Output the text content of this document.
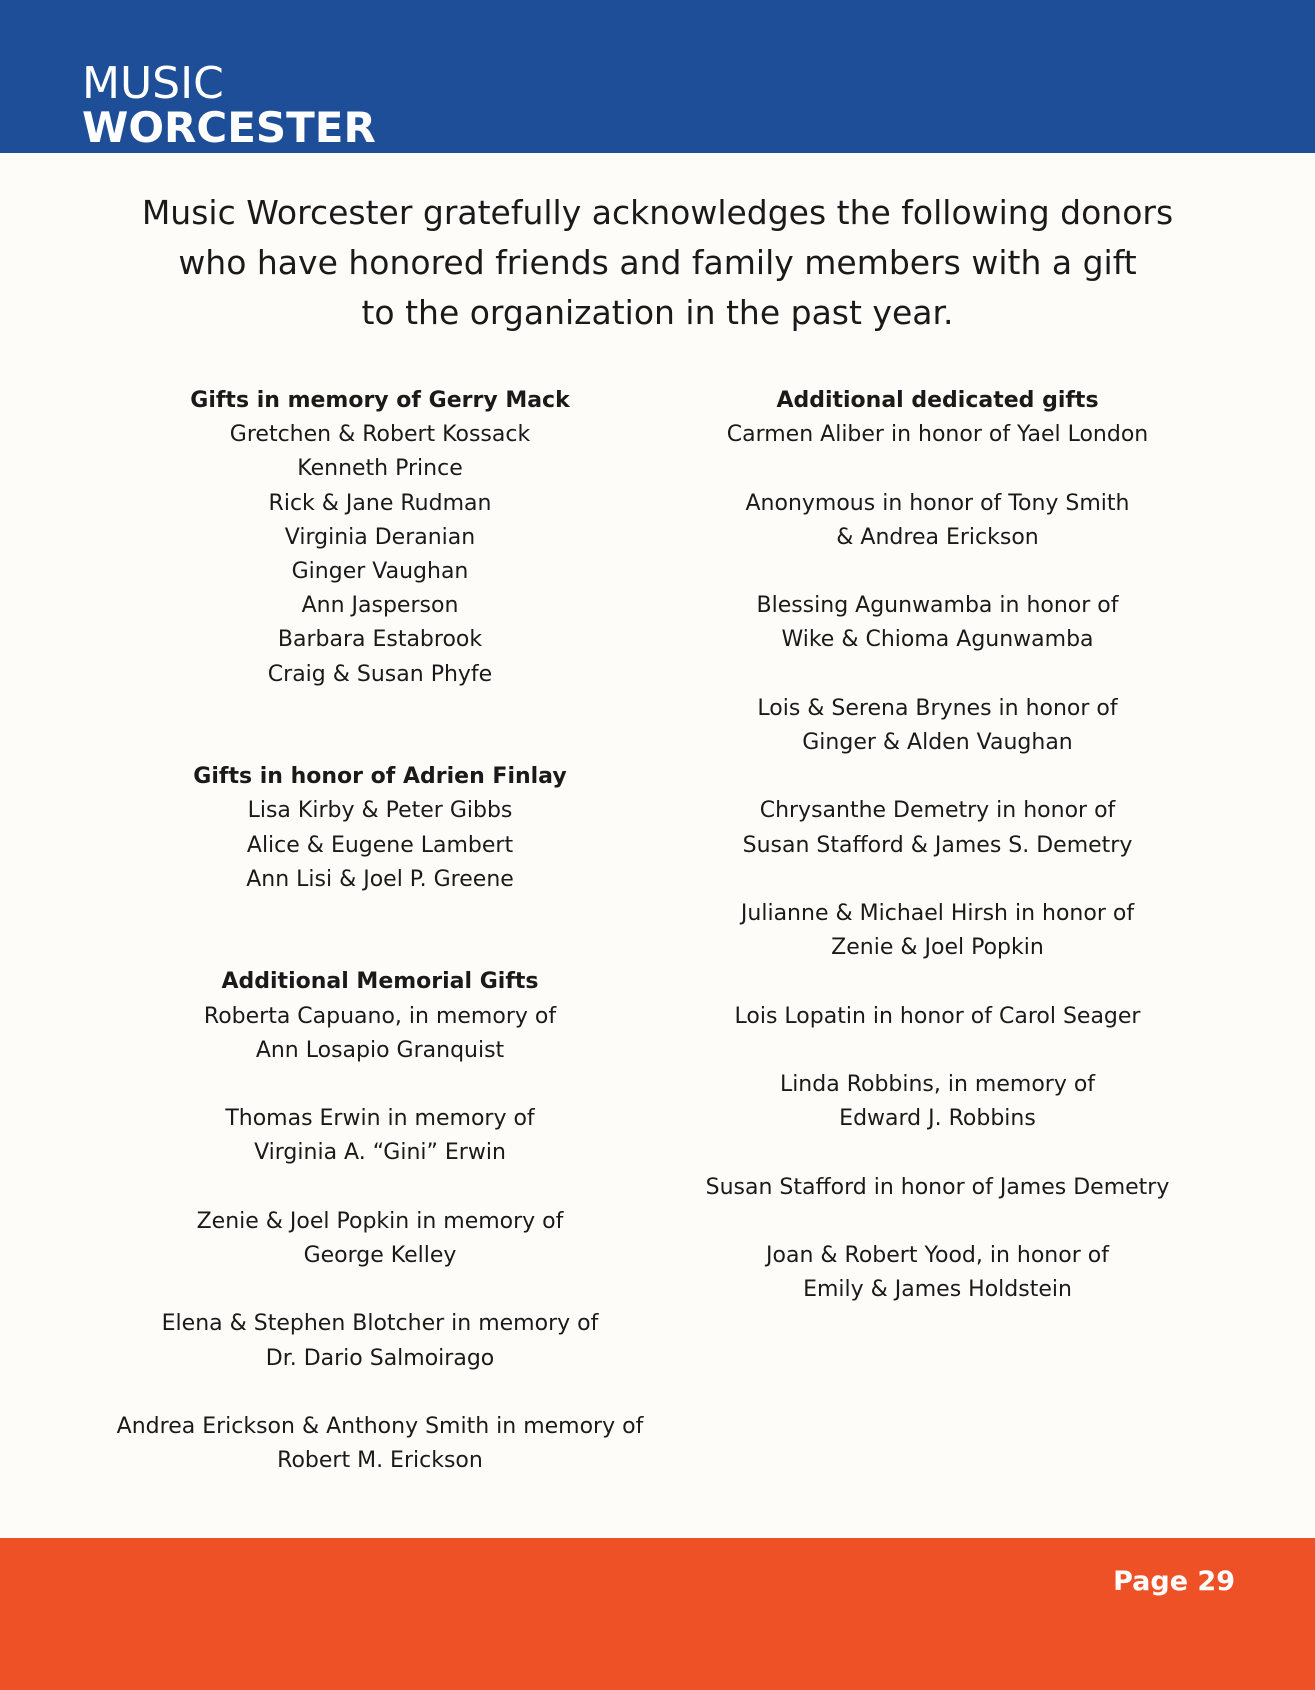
MUSIC
WORCESTER
Music Worcester gratefully acknowledges the following donors
who have honored friends and family members with a gift
to the organization in the past year.
Gifts in memory of Gerry Mack
Gretchen & Robert Kossack
Kenneth Prince
Rick & Jane Rudman
Virginia Deranian
Ginger Vaughan
Ann Jasperson
Barbara Estabrook
Craig & Susan Phyfe
Gifts in honor of Adrien Finlay
Lisa Kirby & Peter Gibbs
Alice & Eugene Lambert
Ann Lisi & Joel P. Greene
Additional Memorial Gifts
Roberta Capuano, in memory of
Ann Losapio Granquist
Thomas Erwin in memory of
Virginia A. “Gini” Erwin
Zenie & Joel Popkin in memory of
George Kelley
Elena & Stephen Blotcher in memory of
Dr. Dario Salmoirago
Andrea Erickson & Anthony Smith in memory of
Robert M. Erickson
Additional dedicated gifts
Carmen Aliber in honor of Yael London
Anonymous in honor of Tony Smith
& Andrea Erickson
Blessing Agunwamba in honor of
Wike & Chioma Agunwamba
Lois & Serena Brynes in honor of
Ginger & Alden Vaughan
Chrysanthe Demetry in honor of
Susan Stafford & James S. Demetry
Julianne & Michael Hirsh in honor of
Zenie & Joel Popkin
Lois Lopatin in honor of Carol Seager
Linda Robbins, in memory of
Edward J. Robbins
Susan Stafford in honor of James Demetry
Joan & Robert Yood, in honor of
Emily & James Holdstein
Page 29
